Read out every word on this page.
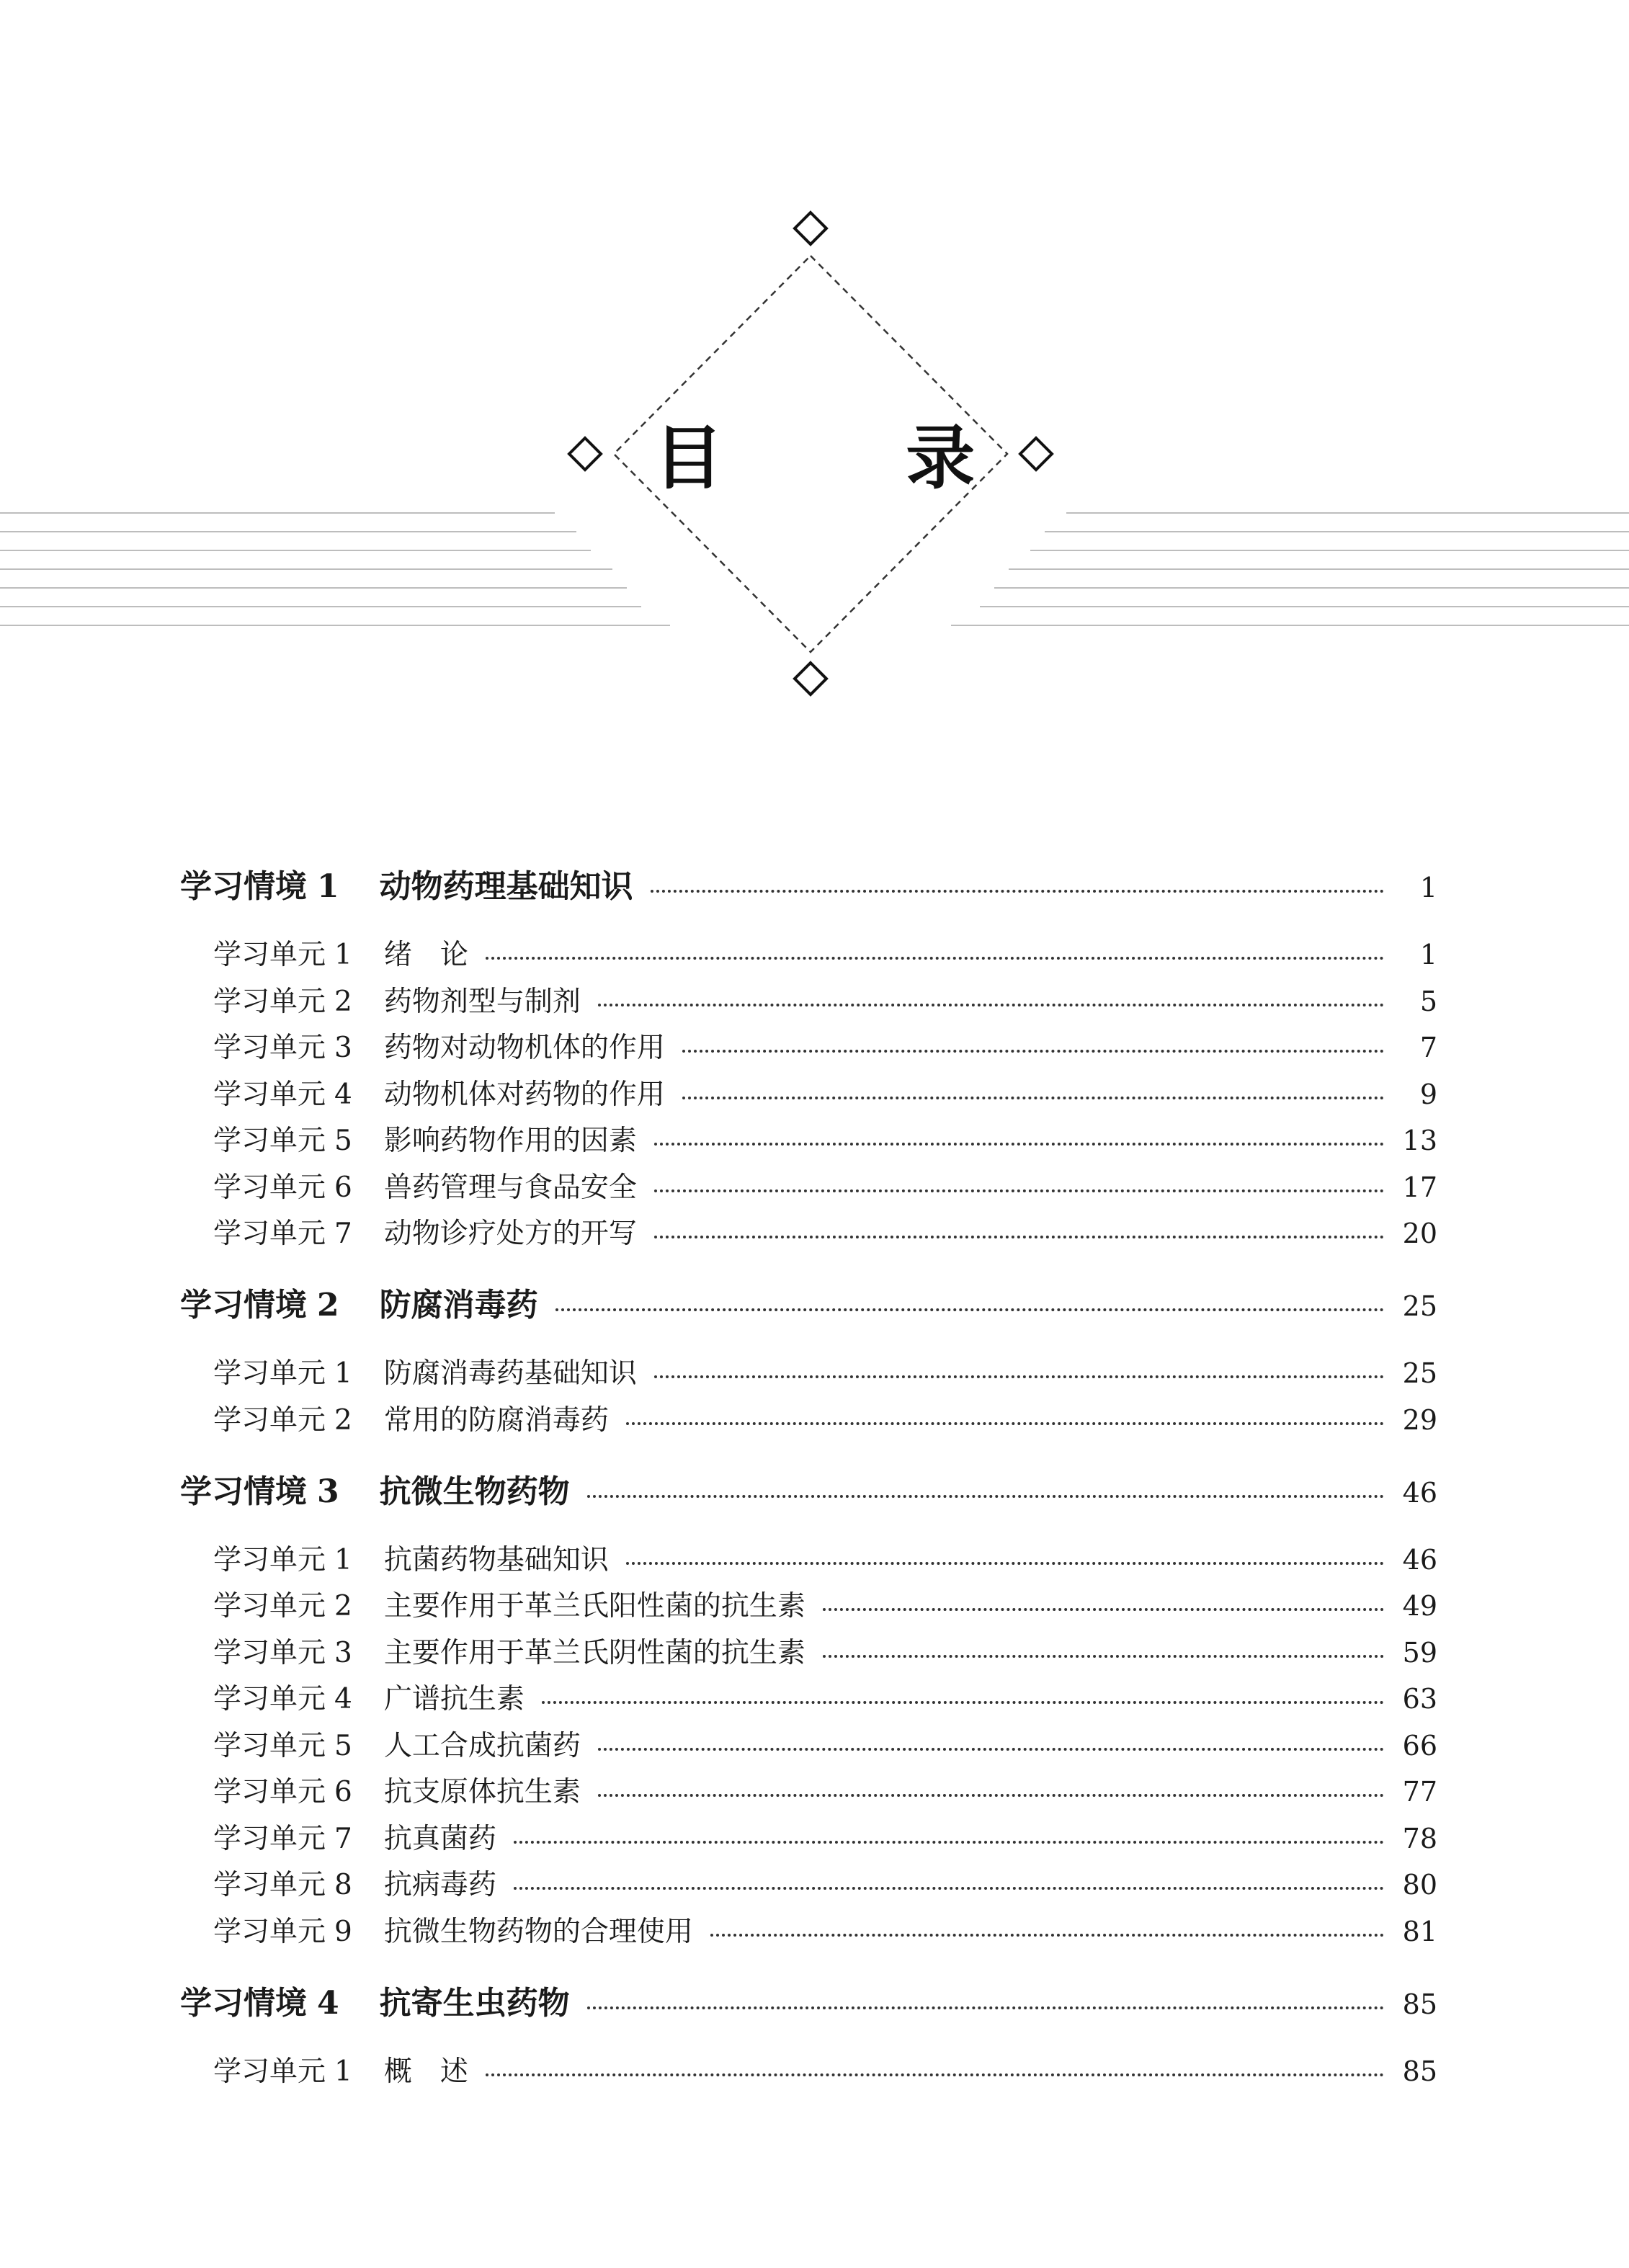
目 录
学习情境 1 动物药理基础知识	1
学习单元 1 绪　论	1
学习单元 2 药物剂型与制剂	5
学习单元 3 药物对动物机体的作用	7
学习单元 4 动物机体对药物的作用	9
学习单元 5 影响药物作用的因素	13
学习单元 6 兽药管理与食品安全	17
学习单元 7 动物诊疗处方的开写	20
学习情境 2 防腐消毒药	25
学习单元 1 防腐消毒药基础知识	25
学习单元 2 常用的防腐消毒药	29
学习情境 3 抗微生物药物	46
学习单元 1 抗菌药物基础知识	46
学习单元 2 主要作用于革兰氏阳性菌的抗生素	49
学习单元 3 主要作用于革兰氏阴性菌的抗生素	59
学习单元 4 广谱抗生素	63
学习单元 5 人工合成抗菌药	66
学习单元 6 抗支原体抗生素	77
学习单元 7 抗真菌药	78
学习单元 8 抗病毒药	80
学习单元 9 抗微生物药物的合理使用	81
学习情境 4 抗寄生虫药物	85
学习单元 1 概　述	85
